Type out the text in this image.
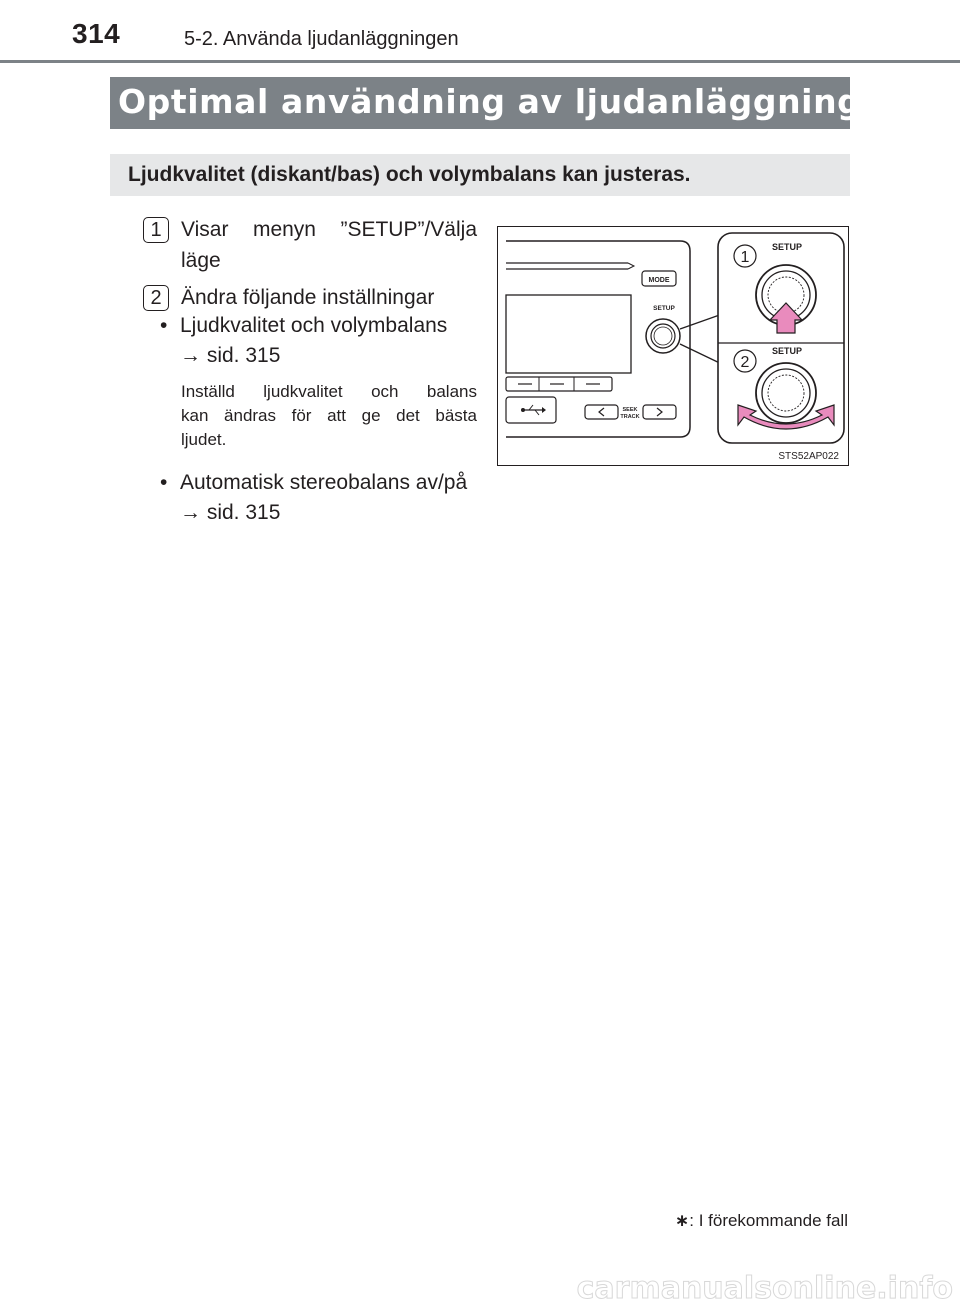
314	5-2. Använda ljudanläggningen
Optimal användning av ljudanläggningen ∗
Ljudkvalitet (diskant/bas) och volymbalans kan justeras.
1 Visar menyn ”SETUP”/Välja
läge
2 Ändra följande inställningar
• Ljudkvalitet och volymbalans
→ sid. 315
Inställd ljudkvalitet och balans
kan ändras för att ge det bästa
ljudet.
• Automatisk stereobalans av/på
→ sid. 315
MODE
SETUP
SEEK
TRACK
1
SETUP
2
SETUP
STS52AP022
∗: I förekommande fall
carmanualsonline.info
